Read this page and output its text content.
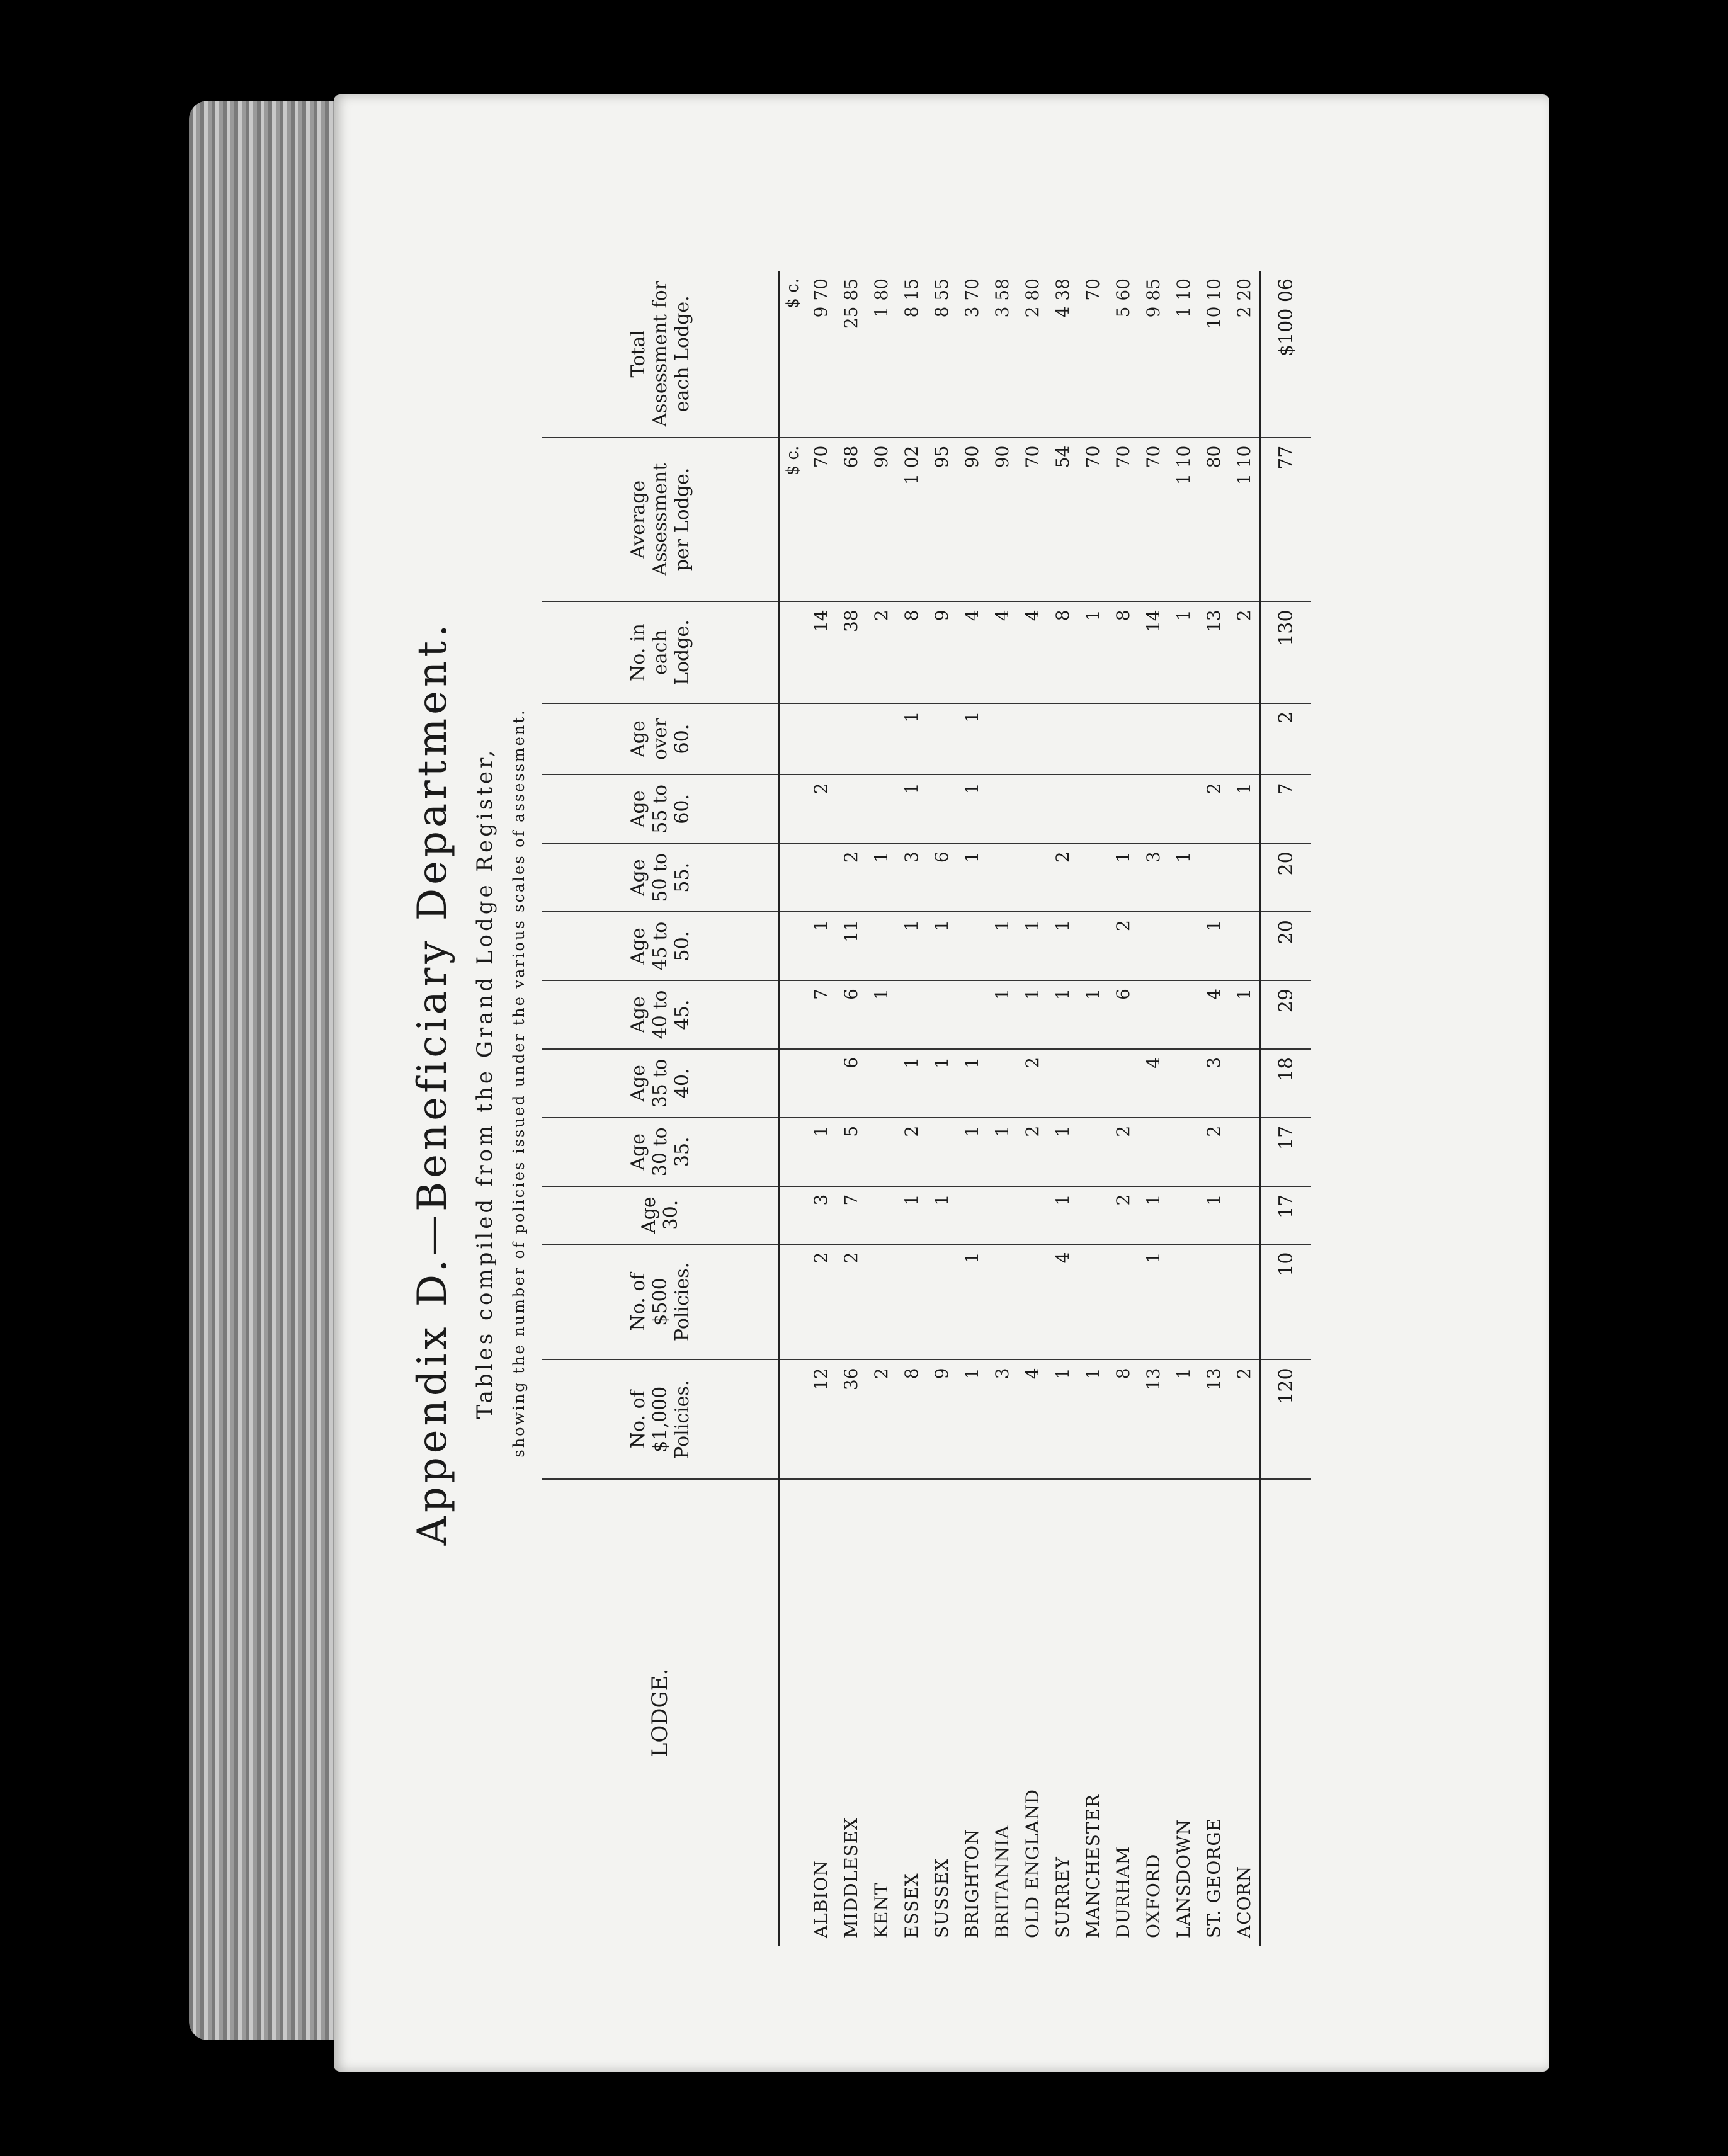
Appendix D.—Beneficiary Department. Tables compiled from the Grand Lodge Register, showing the number of policies issued under the various scales of assessment.
LODGE.	No. of $1,000 Policies.	No. of $500 Policies.	Age 30.	Age 30 to 35.	Age 35 to 40.	Age 40 to 45.	Age 45 to 50.	Age 50 to 55.	Age 55 to 60.	Age over 60.	No. in each Lodge.	Average Assessment per Lodge.	Total Assessment for each Lodge.
												$ c.	$ c.
ALBION	12	2	3	1		7	1		2		14	70	9 70
MIDDLESEX	36	2	7	5	6	6	11	2			38	68	25 85
KENT	2					1		1			2	90	1 80
ESSEX	8		1	2	1		1	3	1	1	8	1 02	8 15
SUSSEX	9		1		1		1	6			9	95	8 55
BRIGHTON	1	1		1	1			1	1	1	4	90	3 70
BRITANNIA	3			1		1	1				4	90	3 58
OLD ENGLAND	4			2	2	1	1				4	70	2 80
SURREY	1	4	1	1		1	1	2			8	54	4 38
MANCHESTER	1					1					1	70	70
DURHAM	8		2	2		6	2	1			8	70	5 60
OXFORD	13	1	1		4			3			14	70	9 85
LANSDOWN	1							1			1	1 10	1 10
ST. GEORGE	13		1	2	3	4	1		2		13	80	10 10
ACORN	2					1			1		2	1 10	2 20
	120	10	17	17	18	29	20	20	7	2	130	77	$100 06
